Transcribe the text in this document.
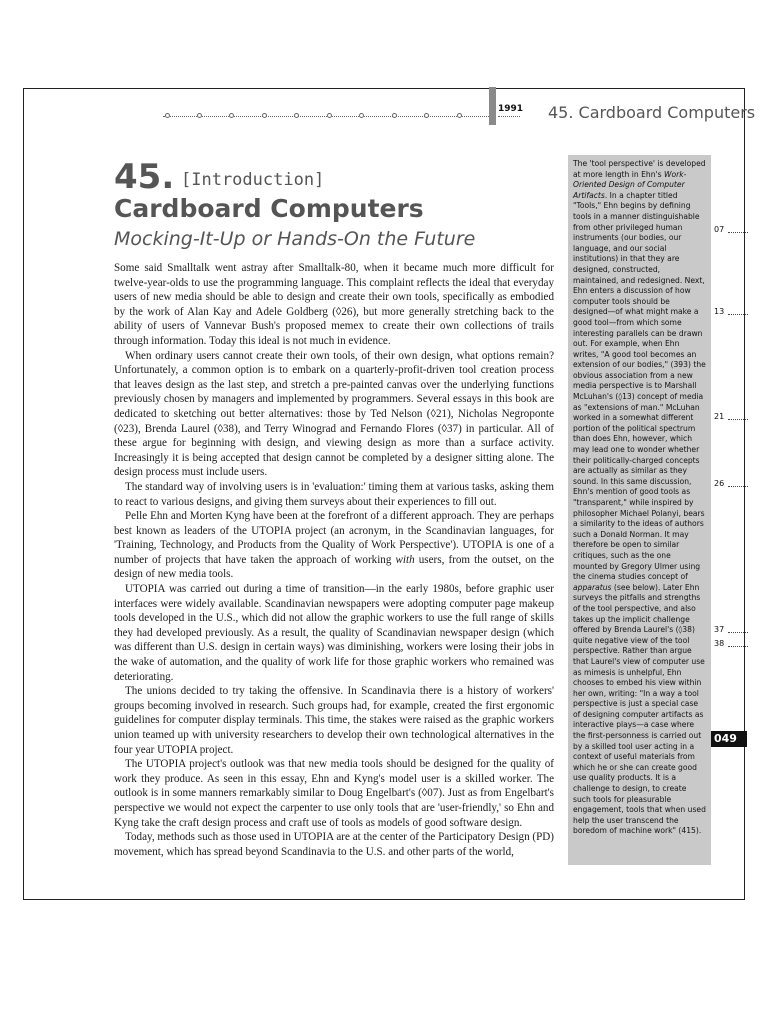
1991 45. Cardboard Computers
45. [Introduction]
Cardboard Computers
Mocking-It-Up or Hands-On the Future

Some said Smalltalk went astray after Smalltalk-80, when it became much more difficult for twelve-year-olds to use the programming language. This complaint reflects the ideal that everyday users of new media should be able to design and create their own tools, specifically as embodied by the work of Alan Kay and Adele Goldberg (◊26), but more generally stretching back to the ability of users of Vannevar Bush's proposed memex to create their own collections of trails through information. Today this ideal is not much in evidence.

When ordinary users cannot create their own tools, of their own design, what options remain? Unfortunately, a common option is to embark on a quarterly-profit-driven tool creation process that leaves design as the last step, and stretch a pre-painted canvas over the underlying functions previously chosen by managers and implemented by programmers. Several essays in this book are dedicated to sketching out better alternatives: those by Ted Nelson (◊21), Nicholas Negroponte (◊23), Brenda Laurel (◊38), and Terry Winograd and Fernando Flores (◊37) in particular. All of these argue for beginning with design, and viewing design as more than a surface activity. Increasingly it is being accepted that design cannot be completed by a designer sitting alone. The design process must include users.

The standard way of involving users is in 'evaluation:' timing them at various tasks, asking them to react to various designs, and giving them surveys about their experiences to fill out.

Pelle Ehn and Morten Kyng have been at the forefront of a different approach. They are perhaps best known as leaders of the UTOPIA project (an acronym, in the Scandinavian languages, for 'Training, Technology, and Products from the Quality of Work Perspective'). UTOPIA is one of a number of projects that have taken the approach of working with users, from the outset, on the design of new media tools.

UTOPIA was carried out during a time of transition—in the early 1980s, before graphic user interfaces were widely available. Scandinavian newspapers were adopting computer page makeup tools developed in the U.S., which did not allow the graphic workers to use the full range of skills they had developed previously. As a result, the quality of Scandinavian newspaper design (which was different than U.S. design in certain ways) was diminishing, workers were losing their jobs in the wake of automation, and the quality of work life for those graphic workers who remained was deteriorating.

The unions decided to try taking the offensive. In Scandinavia there is a history of workers' groups becoming involved in research. Such groups had, for example, created the first ergonomic guidelines for computer display terminals. This time, the stakes were raised as the graphic workers union teamed up with university researchers to develop their own technological alternatives in the four year UTOPIA project.

The UTOPIA project's outlook was that new media tools should be designed for the quality of work they produce. As seen in this essay, Ehn and Kyng's model user is a skilled worker. The outlook is in some manners remarkably similar to Doug Engelbart's (◊07). Just as from Engelbart's perspective we would not expect the carpenter to use only tools that are 'user-friendly,' so Ehn and Kyng take the craft design process and craft use of tools as models of good software design.

Today, methods such as those used in UTOPIA are at the center of the Participatory Design (PD) movement, which has spread beyond Scandinavia to the U.S. and other parts of the world,

The 'tool perspective' is developed at more length in Ehn's Work-Oriented Design of Computer Artifacts. In a chapter titled "Tools," Ehn begins by defining tools in a manner distinguishable from other privileged human instruments (our bodies, our language, and our social institutions) in that they are designed, constructed, maintained, and redesigned. Next, Ehn enters a discussion of how computer tools should be designed—of what might make a good tool—from which some interesting parallels can be drawn out. For example, when Ehn writes, "A good tool becomes an extension of our bodies," (393) the obvious association from a new media perspective is to Marshall McLuhan's (◊13) concept of media as "extensions of man." McLuhan worked in a somewhat different portion of the political spectrum than does Ehn, however, which may lead one to wonder whether their politically-charged concepts are actually as similar as they sound. In this same discussion, Ehn's mention of good tools as "transparent," while inspired by philosopher Michael Polanyi, bears a similarity to the ideas of authors such a Donald Norman. It may therefore be open to similar critiques, such as the one mounted by Gregory Ulmer using the cinema studies concept of apparatus (see below). Later Ehn surveys the pitfalls and strengths of the tool perspective, and also takes up the implicit challenge offered by Brenda Laurel's (◊38) quite negative view of the tool perspective. Rather than argue that Laurel's view of computer use as mimesis is unhelpful, Ehn chooses to embed his view within her own, writing: "In a way a tool perspective is just a special case of designing computer artifacts as interactive plays—a case where the first-personness is carried out by a skilled tool user acting in a context of useful materials from which he or she can create good use quality products. It is a challenge to design, to create such tools for pleasurable engagement, tools that when used help the user transcend the boredom of machine work" (415).
07
13
21
26
37
38
049
